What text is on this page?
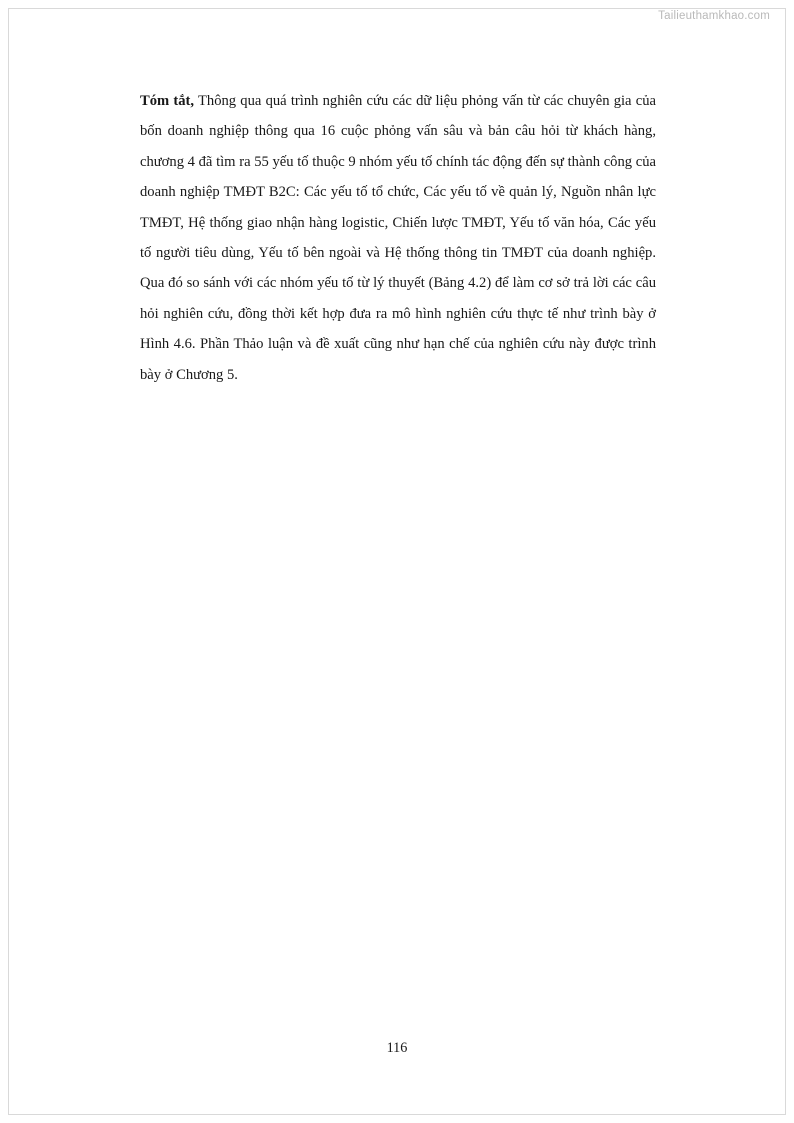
Tailieuthamkhao.com

Tóm tắt, Thông qua quá trình nghiên cứu các dữ liệu phỏng vấn từ các chuyên gia của bốn doanh nghiệp thông qua 16 cuộc phỏng vấn sâu và bản câu hỏi từ khách hàng, chương 4 đã tìm ra 55 yếu tố thuộc 9 nhóm yếu tố chính tác động đến sự thành công của doanh nghiệp TMĐT B2C: Các yếu tố tổ chức, Các yếu tố về quản lý, Nguồn nhân lực TMĐT, Hệ thống giao nhận hàng logistic, Chiến lược TMĐT, Yếu tố văn hóa, Các yếu tố người tiêu dùng, Yếu tố bên ngoài và Hệ thống thông tin TMĐT của doanh nghiệp. Qua đó so sánh với các nhóm yếu tố từ lý thuyết (Bảng 4.2) để làm cơ sở trả lời các câu hỏi nghiên cứu, đồng thời kết hợp đưa ra mô hình nghiên cứu thực tế như trình bày ở Hình 4.6. Phần Thảo luận và đề xuất cũng như hạn chế của nghiên cứu này được trình bày ở Chương 5.

116
